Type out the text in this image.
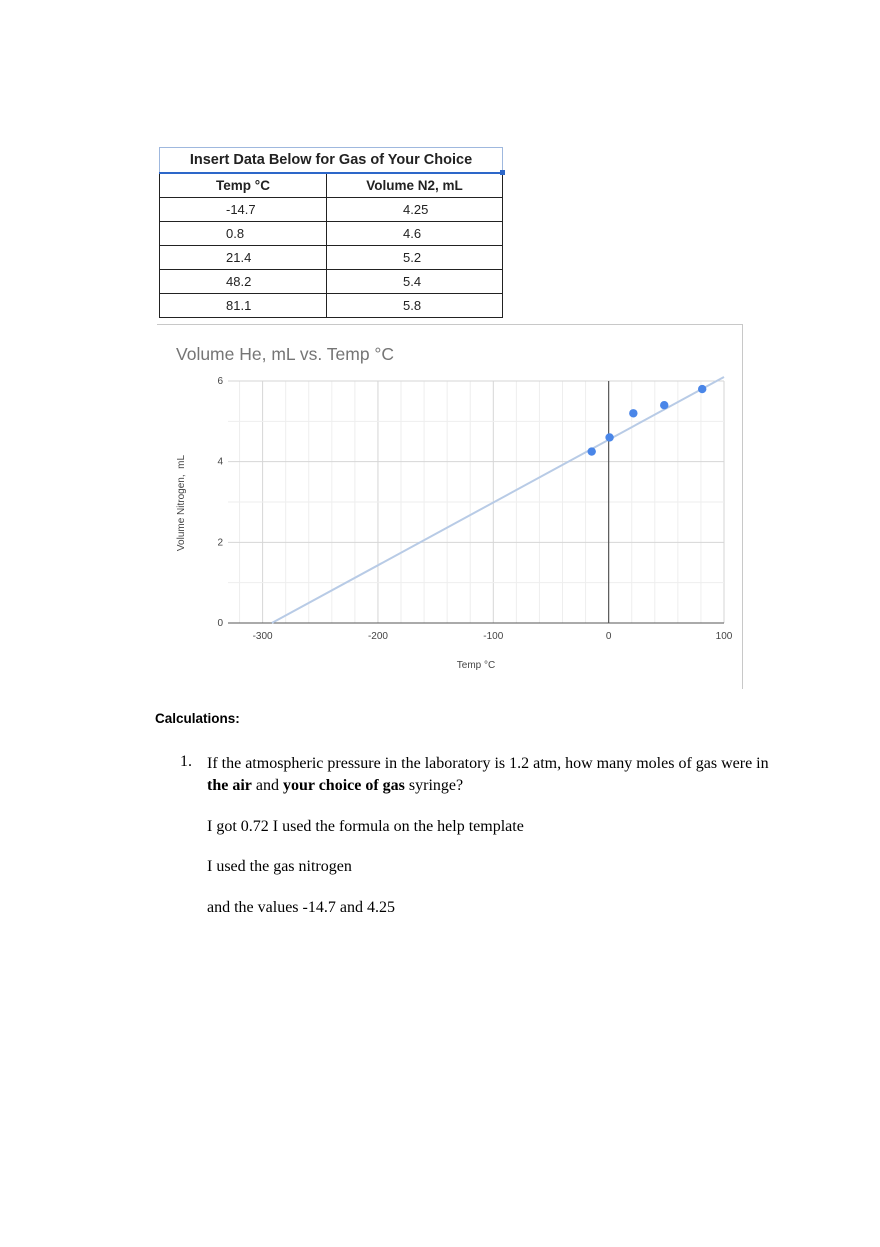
Insert Data Below for Gas of Your Choice	

Temp °C	Volume N2, mL
-14.7	4.25
0.8	4.6
21.4	5.2
48.2	5.4
81.1	5.8
Volume He, mL vs. Temp °C
-300	-200	-100	0	100
0
2
4
6
Temp °C
Volume Nitrogen,  mL
Calculations:
1. If the atmospheric pressure in the laboratory is 1.2 atm, how many moles of gas were in the air and your choice of gas syringe?

I got 0.72 I used the formula on the help template

I used the gas nitrogen

and the values -14.7 and 4.25
